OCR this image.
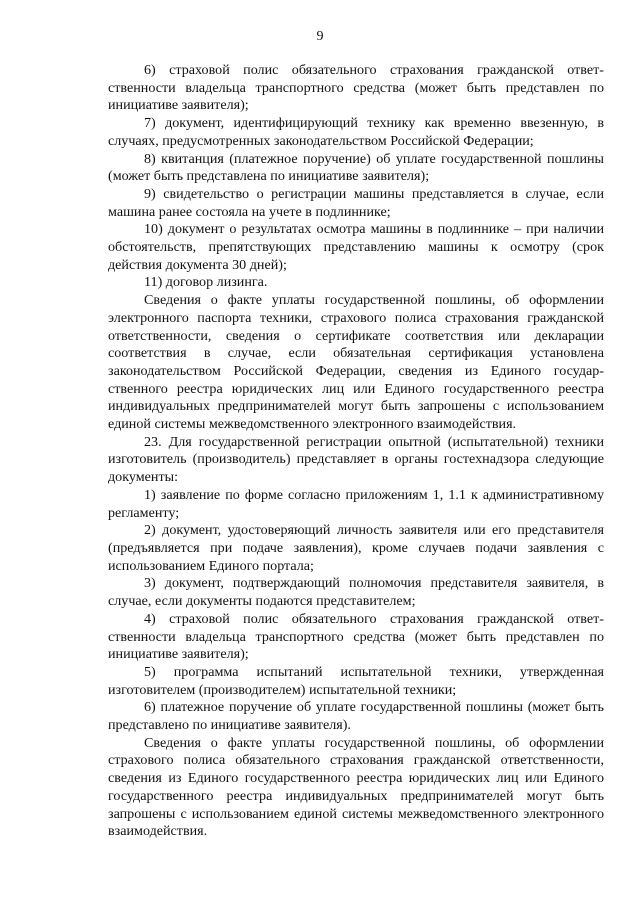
9

6) страховой полис обязательного страхования гражданской ответственности владельца транспортного средства (может быть представлен по инициативе заявителя);

7) документ, идентифицирующий технику как временно ввезенную, в случаях, предусмотренных законодательством Российской Федерации;

8) квитанция (платежное поручение) об уплате государственной пошлины (может быть представлена по инициативе заявителя);

9) свидетельство о регистрации машины представляется в случае, если машина ранее состояла на учете в подлиннике;

10) документ о результатах осмотра машины в подлиннике – при наличии обстоятельств, препятствующих представлению машины к осмотру (срок действия документа 30 дней);

11) договор лизинга.

Сведения о факте уплаты государственной пошлины, об оформлении электронного паспорта техники, страхового полиса страхования гражданской ответственности, сведения о сертификате соответствия или декларации соответствия в случае, если обязательная сертификация установлена законодательством Российской Федерации, сведения из Единого государственного реестра юридических лиц или Единого государственного реестра индивидуальных предпринимателей могут быть запрошены с использованием единой системы межведомственного электронного взаимодействия.

23. Для государственной регистрации опытной (испытательной) техники изготовитель (производитель) представляет в органы гостехнадзора следующие документы:

1) заявление по форме согласно приложениям 1, 1.1 к административному регламенту;

2) документ, удостоверяющий личность заявителя или его представителя (предъявляется при подаче заявления), кроме случаев подачи заявления с использованием Единого портала;

3) документ, подтверждающий полномочия представителя заявителя, в случае, если документы подаются представителем;

4) страховой полис обязательного страхования гражданской ответственности владельца транспортного средства (может быть представлен по инициативе заявителя);

5) программа испытаний испытательной техники, утвержденная изготовителем (производителем) испытательной техники;

6) платежное поручение об уплате государственной пошлины (может быть представлено по инициативе заявителя).

Сведения о факте уплаты государственной пошлины, об оформлении страхового полиса обязательного страхования гражданской ответственности, сведения из Единого государственного реестра юридических лиц или Единого государственного реестра индивидуальных предпринимателей могут быть запрошены с использованием единой системы межведомственного электронного взаимодействия.
